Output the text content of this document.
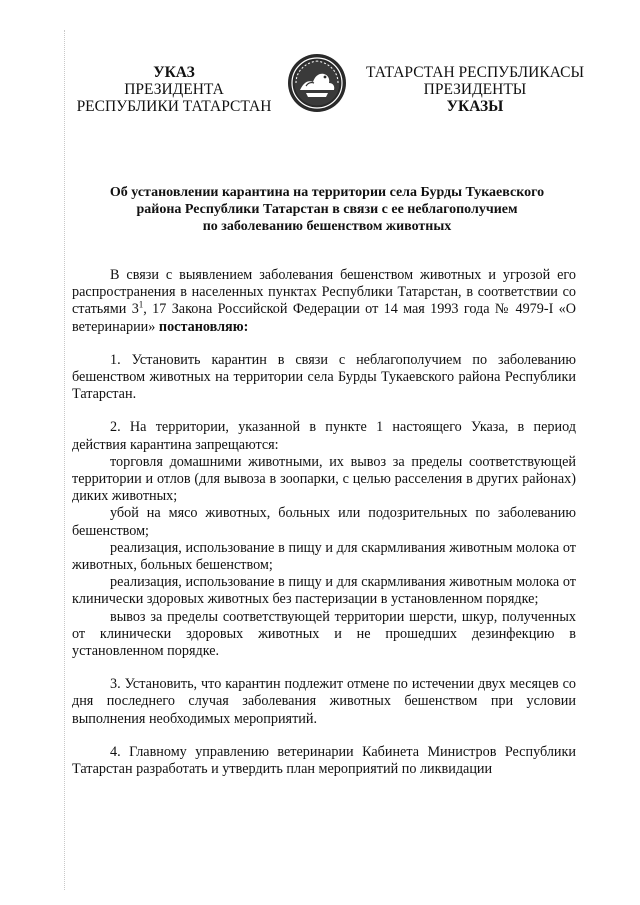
УКАЗ
ПРЕЗИДЕНТА
РЕСПУБЛИКИ ТАТАРСТАН
ТАТАРСТАН РЕСПУБЛИКАСЫ
ПРЕЗИДЕНТЫ
УКАЗЫ
Об установлении карантина на территории села Бурды Тукаевского
района Республики Татарстан в связи с ее неблагополучием
по заболеванию бешенством животных

В связи с выявлением заболевания бешенством животных и угрозой его распространения в населенных пунктах Республики Татарстан, в соответствии со статьями $3^1$, 17 Закона Российской Федерации от 14 мая 1993 года № 4979-I «О ветеринарии» постановляю:

1. Установить карантин в связи с неблагополучием по заболеванию бешенством животных на территории села Бурды Тукаевского района Республики Татарстан.

2. На территории, указанной в пункте 1 настоящего Указа, в период действия карантина запрещаются:

торговля домашними животными, их вывоз за пределы соответствующей территории и отлов (для вывоза в зоопарки, с целью расселения в других районах) диких животных;

убой на мясо животных, больных или подозрительных по заболеванию бешенством;

реализация, использование в пищу и для скармливания животным молока от животных, больных бешенством;

реализация, использование в пищу и для скармливания животным молока от клинически здоровых животных без пастеризации в установленном порядке;

вывоз за пределы соответствующей территории шерсти, шкур, полученных от клинически здоровых животных и не прошедших дезинфекцию в установленном порядке.

3. Установить, что карантин подлежит отмене по истечении двух месяцев со дня последнего случая заболевания животных бешенством при условии выполнения необходимых мероприятий.

4. Главному управлению ветеринарии Кабинета Министров Республики Татарстан разработать и утвердить план мероприятий по ликвидации
